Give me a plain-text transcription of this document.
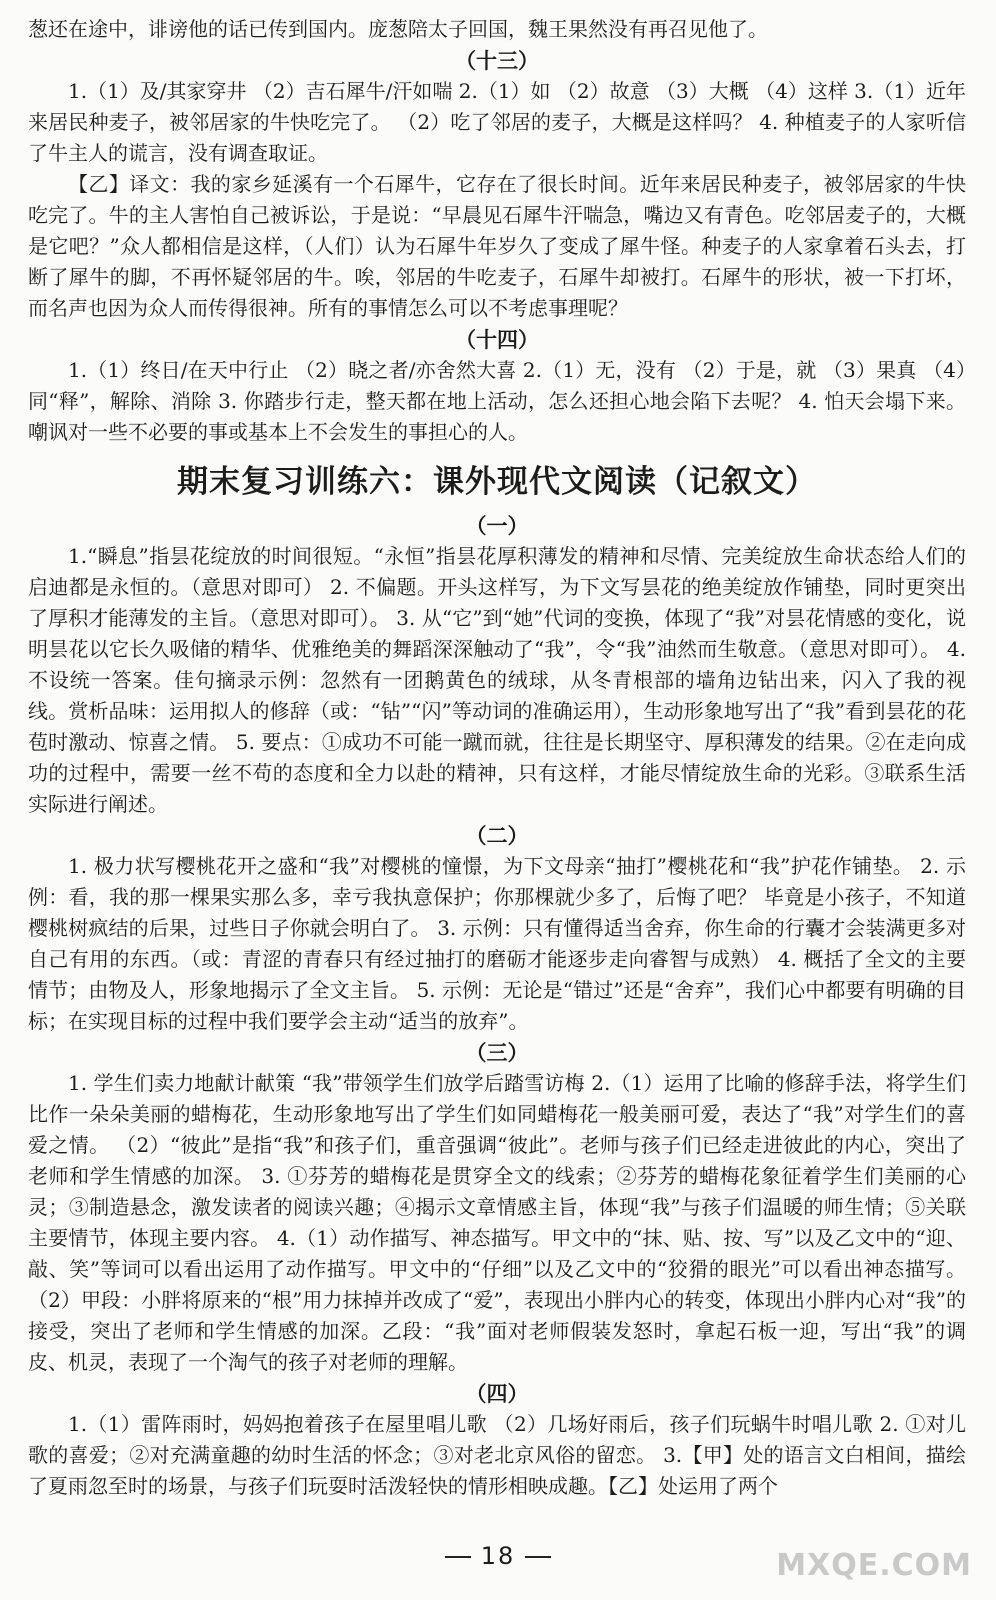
葱还在途中，诽谤他的话已传到国内。庞葱陪太子回国，魏王果然没有再召见他了。

（十三）

1.（1）及/其家穿井 （2）吉石犀牛/汗如喘 2.（1）如 （2）故意 （3）大概 （4）这样 3.（1）近年来居民种麦子，被邻居家的牛快吃完了。 （2）吃了邻居的麦子，大概是这样吗？ 4. 种植麦子的人家听信了牛主人的谎言，没有调查取证。

【乙】译文：我的家乡延溪有一个石犀牛，它存在了很长时间。近年来居民种麦子，被邻居家的牛快吃完了。牛的主人害怕自己被诉讼，于是说：“早晨见石犀牛汗喘急，嘴边又有青色。吃邻居麦子的，大概是它吧？”众人都相信是这样，（人们）认为石犀牛年岁久了变成了犀牛怪。种麦子的人家拿着石头去，打断了犀牛的脚，不再怀疑邻居的牛。唉，邻居的牛吃麦子，石犀牛却被打。石犀牛的形状，被一下打坏，而名声也因为众人而传得很神。所有的事情怎么可以不考虑事理呢？

（十四）

1.（1）终日/在天中行止 （2）晓之者/亦舍然大喜 2.（1）无，没有 （2）于是，就 （3）果真 （4）同“释”，解除、消除 3. 你踏步行走，整天都在地上活动，怎么还担心地会陷下去呢？ 4. 怕天会塌下来。嘲讽对一些不必要的事或基本上不会发生的事担心的人。

期末复习训练六：课外现代文阅读（记叙文）

（一）

1.“瞬息”指昙花绽放的时间很短。“永恒”指昙花厚积薄发的精神和尽情、完美绽放生命状态给人们的启迪都是永恒的。（意思对即可） 2. 不偏题。开头这样写，为下文写昙花的绝美绽放作铺垫，同时更突出了厚积才能薄发的主旨。（意思对即可）。 3. 从“它”到“她”代词的变换，体现了“我”对昙花情感的变化，说明昙花以它长久吸储的精华、优雅绝美的舞蹈深深触动了“我”，令“我”油然而生敬意。（意思对即可）。 4. 不设统一答案。佳句摘录示例：忽然有一团鹅黄色的绒球，从冬青根部的墙角边钻出来，闪入了我的视线。赏析品味：运用拟人的修辞（或：“钻”“闪”等动词的准确运用），生动形象地写出了“我”看到昙花的花苞时激动、惊喜之情。 5. 要点：①成功不可能一蹴而就，往往是长期坚守、厚积薄发的结果。②在走向成功的过程中，需要一丝不苟的态度和全力以赴的精神，只有这样，才能尽情绽放生命的光彩。③联系生活实际进行阐述。

（二）

1. 极力状写樱桃花开之盛和“我”对樱桃的憧憬，为下文母亲“抽打”樱桃花和“我”护花作铺垫。 2. 示例：看，我的那一棵果实那么多，幸亏我执意保护；你那棵就少多了，后悔了吧？ 毕竟是小孩子，不知道樱桃树疯结的后果，过些日子你就会明白了。 3. 示例：只有懂得适当舍弃，你生命的行囊才会装满更多对自己有用的东西。（或：青涩的青春只有经过抽打的磨砺才能逐步走向睿智与成熟） 4. 概括了全文的主要情节；由物及人，形象地揭示了全文主旨。 5. 示例：无论是“错过”还是“舍弃”，我们心中都要有明确的目标；在实现目标的过程中我们要学会主动“适当的放弃”。

（三）

1. 学生们卖力地献计献策 “我”带领学生们放学后踏雪访梅 2.（1）运用了比喻的修辞手法，将学生们比作一朵朵美丽的蜡梅花，生动形象地写出了学生们如同蜡梅花一般美丽可爱，表达了“我”对学生们的喜爱之情。 （2）“彼此”是指“我”和孩子们，重音强调“彼此”。老师与孩子们已经走进彼此的内心，突出了老师和学生情感的加深。 3. ①芬芳的蜡梅花是贯穿全文的线索；②芬芳的蜡梅花象征着学生们美丽的心灵；③制造悬念，激发读者的阅读兴趣；④揭示文章情感主旨，体现“我”与孩子们温暖的师生情；⑤关联主要情节，体现主要内容。 4.（1）动作描写、神态描写。甲文中的“抹、贴、按、写”以及乙文中的“迎、敲、笑”等词可以看出运用了动作描写。甲文中的“仔细”以及乙文中的“狡猾的眼光”可以看出神态描写。 （2）甲段：小胖将原来的“根”用力抹掉并改成了“爱”，表现出小胖内心的转变，体现出小胖内心对“我”的接受，突出了老师和学生情感的加深。乙段：“我”面对老师假装发怒时，拿起石板一迎，写出“我”的调皮、机灵，表现了一个淘气的孩子对老师的理解。

（四）

1.（1）雷阵雨时，妈妈抱着孩子在屋里唱儿歌 （2）几场好雨后，孩子们玩蜗牛时唱儿歌 2. ①对儿歌的喜爱；②对充满童趣的幼时生活的怀念；③对老北京风俗的留恋。 3.【甲】处的语言文白相间，描绘了夏雨忽至时的场景，与孩子们玩耍时活泼轻快的情形相映成趣。【乙】处运用了两个

18	MXQE.COM
